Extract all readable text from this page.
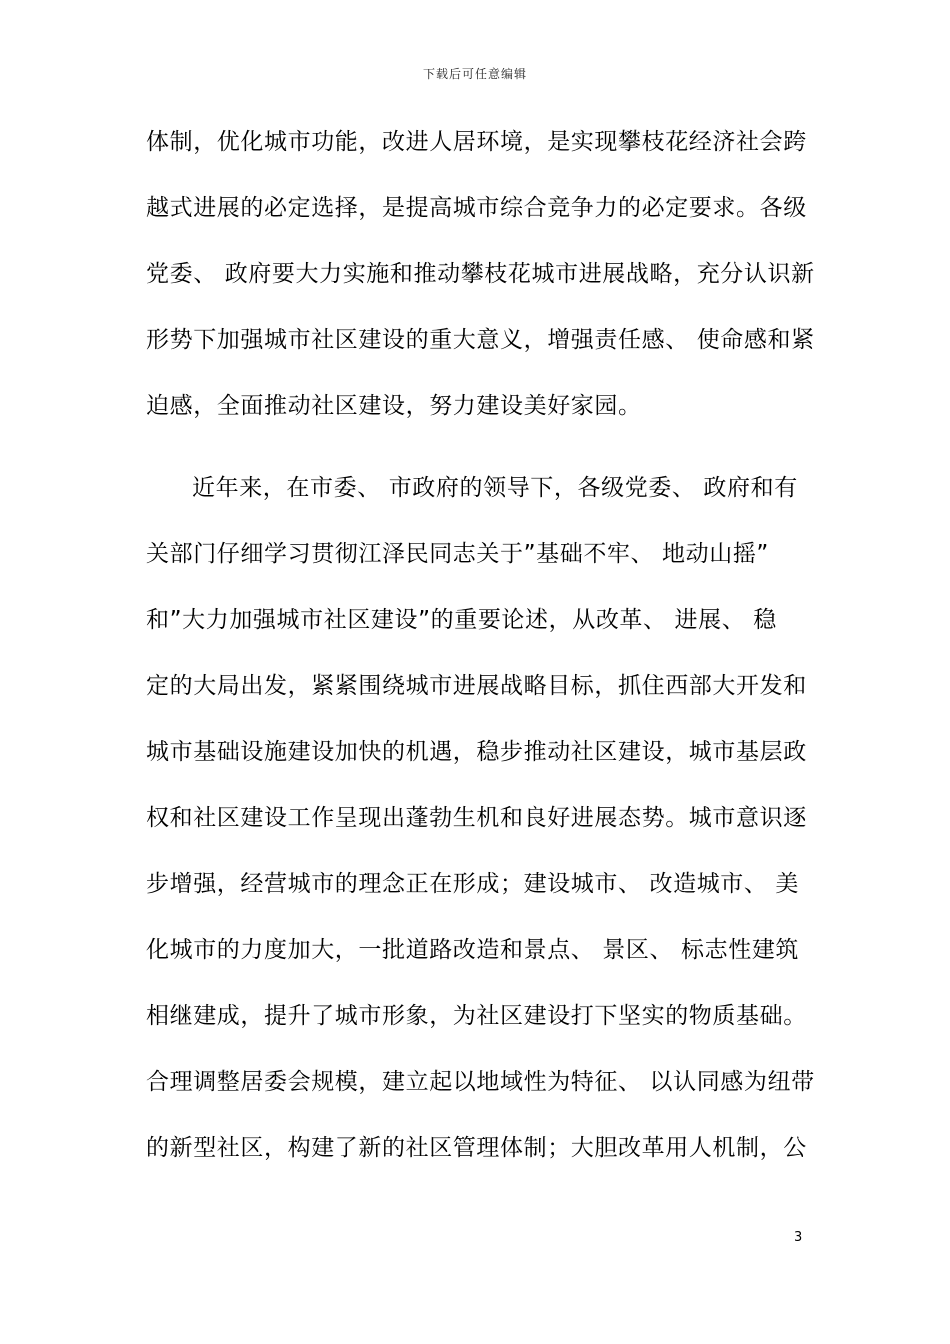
下载后可任意编辑
体制，优化城市功能，改进人居环境，是实现攀枝花经济社会跨
越式进展的必定选择，是提高城市综合竞争力的必定要求。各级
党委、 政府要大力实施和推动攀枝花城市进展战略，充分认识新
形势下加强城市社区建设的重大意义，增强责任感、 使命感和紧
迫感，全面推动社区建设，努力建设美好家园。
近年来，在市委、 市政府的领导下，各级党委、 政府和有
关部门仔细学习贯彻江泽民同志关于”基础不牢、 地动山摇”
和”大力加强城市社区建设”的重要论述，从改革、 进展、 稳
定的大局出发，紧紧围绕城市进展战略目标，抓住西部大开发和
城市基础设施建设加快的机遇，稳步推动社区建设，城市基层政
权和社区建设工作呈现出蓬勃生机和良好进展态势。城市意识逐
步增强，经营城市的理念正在形成；建设城市、 改造城市、 美
化城市的力度加大，一批道路改造和景点、 景区、 标志性建筑
相继建成，提升了城市形象，为社区建设打下坚实的物质基础。
合理调整居委会规模，建立起以地域性为特征、 以认同感为纽带
的新型社区，构建了新的社区管理体制；大胆改革用人机制，公
3
